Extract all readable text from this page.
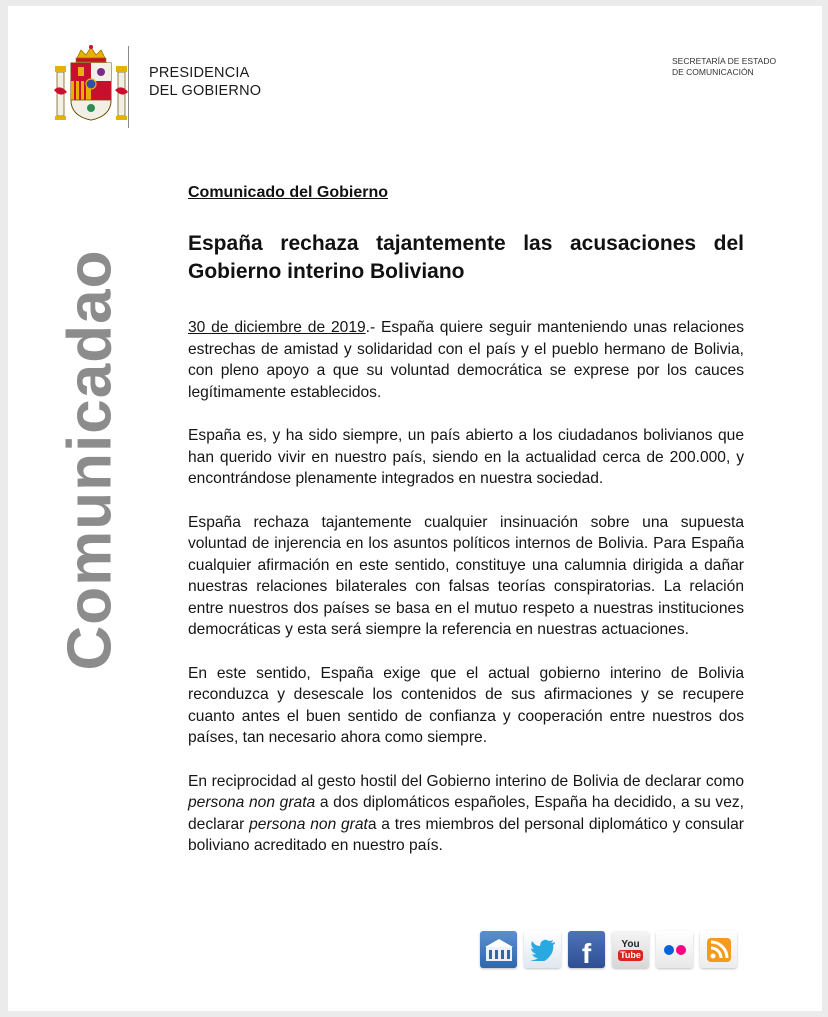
PRESIDENCIA
DEL GOBIERNO
SECRETARÍA DE ESTADO
DE COMUNICACIÓN
Comunicadao
Comunicado del Gobierno
España rechaza tajantemente las acusaciones del Gobierno interino Boliviano

30 de diciembre de 2019.- España quiere seguir manteniendo unas relaciones estrechas de amistad y solidaridad con el país y el pueblo hermano de Bolivia, con pleno apoyo a que su voluntad democrática se exprese por los cauces legítimamente establecidos.

España es, y ha sido siempre, un país abierto a los ciudadanos bolivianos que han querido vivir en nuestro país, siendo en la actualidad cerca de 200.000, y encontrándose plenamente integrados en nuestra sociedad.

España rechaza tajantemente cualquier insinuación sobre una supuesta voluntad de injerencia en los asuntos políticos internos de Bolivia. Para España cualquier afirmación en este sentido, constituye una calumnia dirigida a dañar nuestras relaciones bilaterales con falsas teorías conspiratorias. La relación entre nuestros dos países se basa en el mutuo respeto a nuestras instituciones democráticas y esta será siempre la referencia en nuestras actuaciones.

En este sentido, España exige que el actual gobierno interino de Bolivia reconduzca y desescale los contenidos de sus afirmaciones y se recupere cuanto antes el buen sentido de confianza y cooperación entre nuestros dos países, tan necesario ahora como siempre.

En reciprocidad al gesto hostil del Gobierno interino de Bolivia de declarar como persona non grata a dos diplomáticos españoles, España ha decidido, a su vez, declarar persona non grata a tres miembros del personal diplomático y consular boliviano acreditado en nuestro país.

f	You
Tube
